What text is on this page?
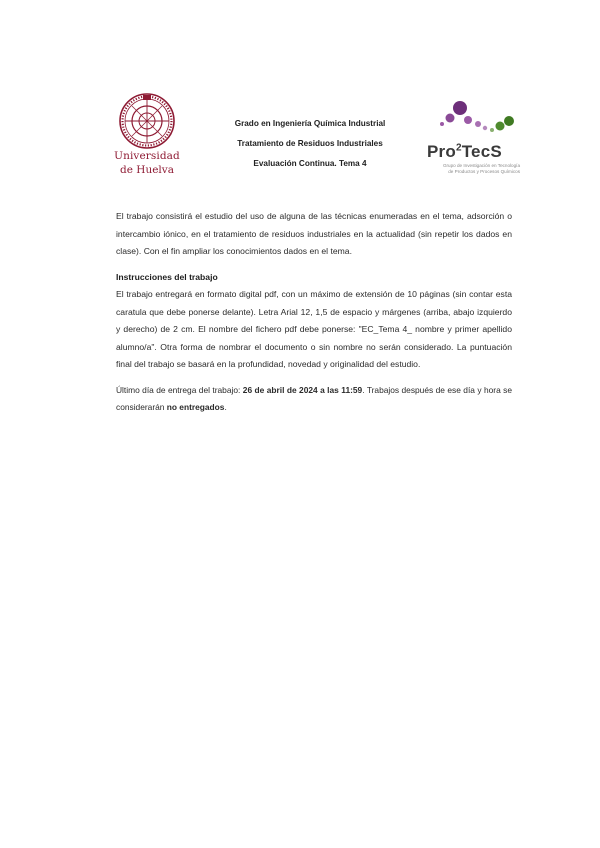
Universidad
de Huelva
Grado en Ingeniería Química Industrial
Tratamiento de Residuos Industriales
Evaluación Continua. Tema 4
Pro$^2$TecS
Grupo de Investigación en Tecnología
de Productos y Procesos Químicos

El trabajo consistirá el estudio del uso de alguna de las técnicas enumeradas en el tema, adsorción o intercambio iónico, en el tratamiento de residuos industriales en la actualidad (sin repetir los dados en clase). Con el fin ampliar los conocimientos dados en el tema.

Instrucciones del trabajo

El trabajo entregará en formato digital pdf, con un máximo de extensión de 10 páginas (sin contar esta caratula que debe ponerse delante). Letra Arial 12, 1,5 de espacio y márgenes (arriba, abajo izquierdo y derecho) de 2 cm. El nombre del fichero pdf debe ponerse: "EC_Tema 4_ nombre y primer apellido alumno/a". Otra forma de nombrar el documento o sin nombre no serán considerado. La puntuación final del trabajo se basará en la profundidad, novedad y originalidad del estudio.

Último día de entrega del trabajo: 26 de abril de 2024 a las 11:59. Trabajos después de ese día y hora se considerarán no entregados.
